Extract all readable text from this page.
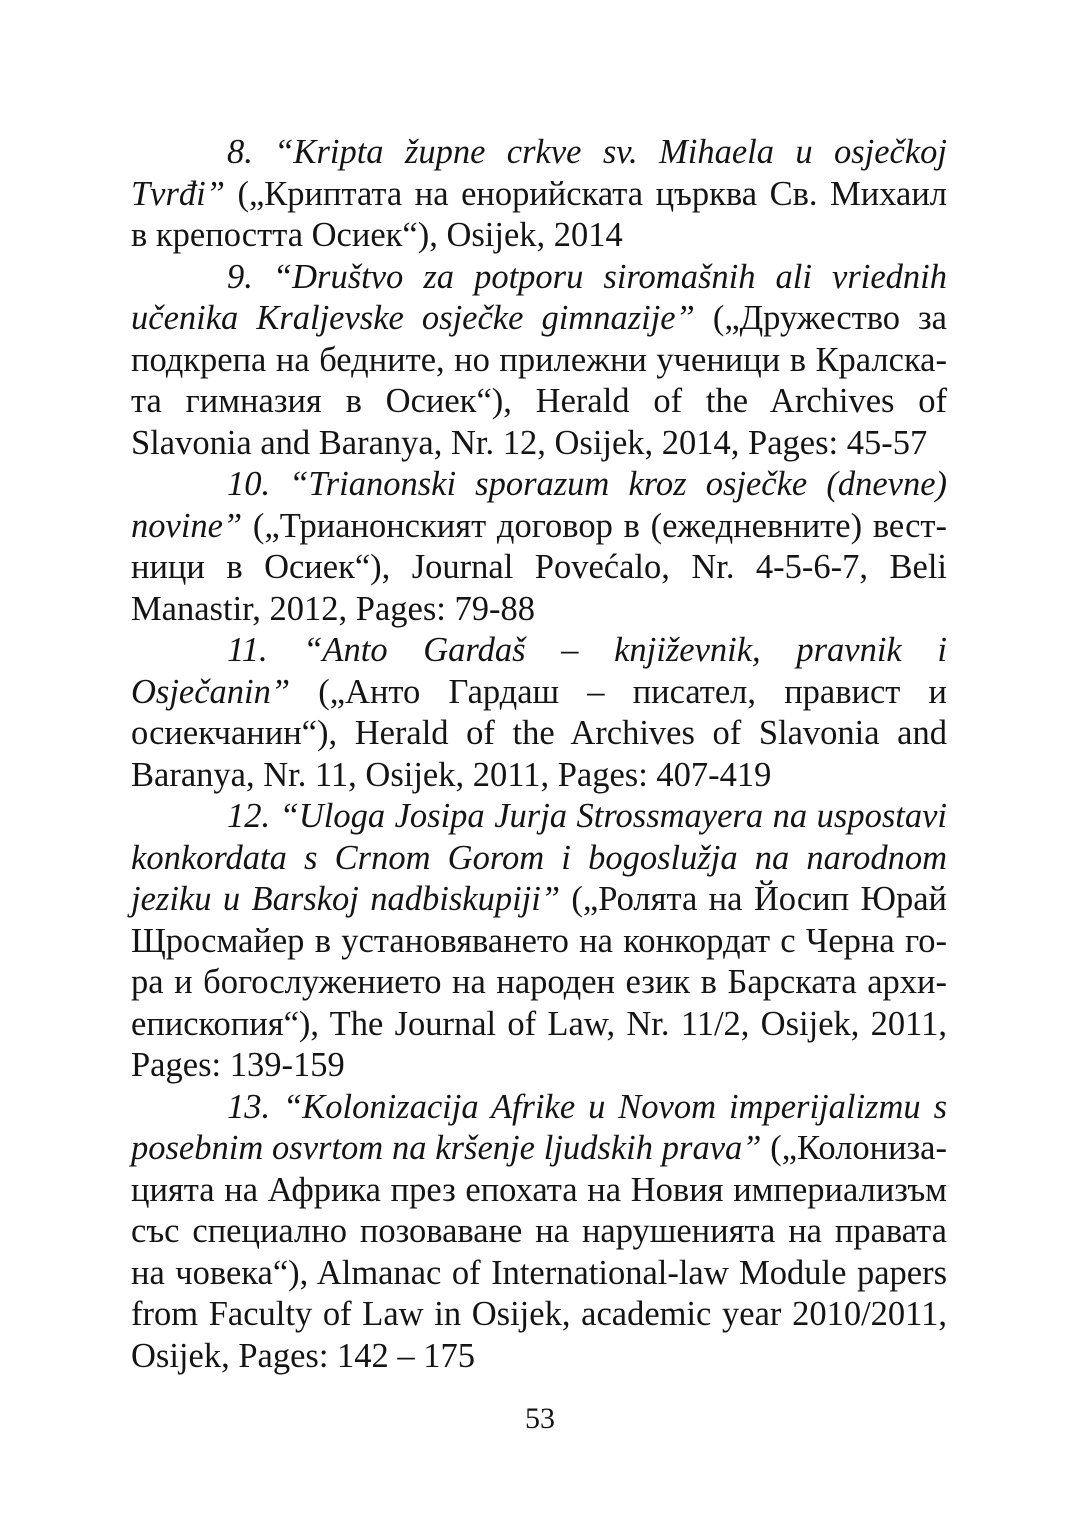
8. “Kripta župne crkve sv. Mihaela u osječkoj Tvrđi” („Криптата на енорийската църква Св. Михаил в крепостта Осиек“), Osijek, 2014

9. “Društvo za potporu siromašnih ali vriednih učenika Kraljevske osječke gimnazije” („Дружество за подкрепа на бедните, но прилежни ученици в Кралската гимназия в Осиек“), Herald of the Archives of Slavonia and Baranya, Nr. 12, Osijek, 2014, Pages: 45-57

10. “Trianonski sporazum kroz osječke (dnevne) novine” („Трианонският договор в (ежедневните) вестници в Осиек“), Journal Povećalo, Nr. 4-5-6-7, Beli Manastir, 2012, Pages: 79-88

11. “Anto Gardaš – književnik, pravnik i Osječanin” („Анто Гардаш – писател, правист и осиекчанин“), Herald of the Archives of Slavonia and Baranya, Nr. 11, Osijek, 2011, Pages: 407-419

12. “Uloga Josipa Jurja Strossmayera na uspostavi konkordata s Crnom Gorom i bogoslužja na narodnom jeziku u Barskoj nadbiskupiji” („Ролята на Йосип Юрай Щросмайер в установяването на конкордат с Черна гора и богослужението на народен език в Барската архиепископия“), The Journal of Law, Nr. 11/2, Osijek, 2011, Pages: 139-159

13. “Kolonizacija Afrike u Novom imperijalizmu s posebnim osvrtom na kršenje ljudskih prava” („Колонизацията на Африка през епохата на Новия империализъм със специално позоваване на нарушенията на правата на човека“), Almanac of International-law Module papers from Faculty of Law in Osijek, academic year 2010/2011, Osijek, Pages: 142 – 175

53
